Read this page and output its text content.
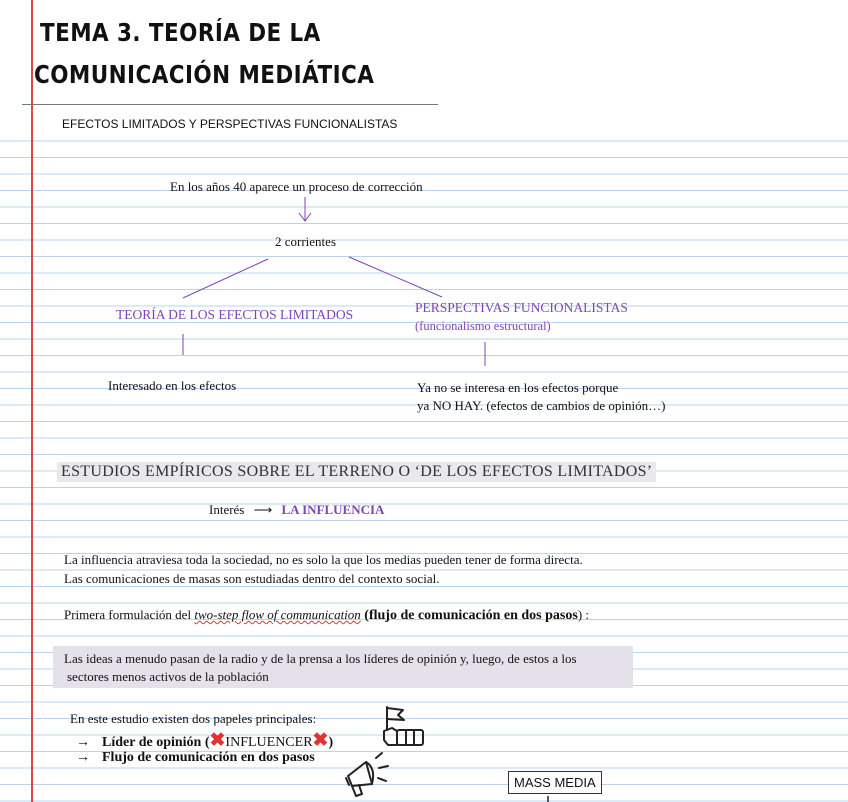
TEMA 3. TEORÍA DE LA
COMUNICACIÓN MEDIÁTICA
EFECTOS LIMITADOS Y PERSPECTIVAS FUNCIONALISTAS
En los años 40 aparece un proceso de corrección
2 corrientes
TEORÍA DE LOS EFECTOS LIMITADOS	PERSPECTIVAS FUNCIONALISTAS
(funcionalismo estructural)
Interesado en los efectos	Ya no se interesa en los efectos porque
ya NO HAY. (efectos de cambios de opinión…)
ESTUDIOS EMPÍRICOS SOBRE EL TERRENO O ‘DE LOS EFECTOS LIMITADOS’
Interés ⟶ LA INFLUENCIA
La influencia atraviesa toda la sociedad, no es solo la que los medias pueden tener de forma directa.
Las comunicaciones de masas son estudiadas dentro del contexto social.
Primera formulación del two-step flow of communication (flujo de comunicación en dos pasos) :
Las ideas a menudo pasan de la radio y de la prensa a los líderes de opinión y, luego, de estos a los
sectores menos activos de la población
En este estudio existen dos papeles principales:
→ Líder de opinión (✖INFLUENCER✖)
→ Flujo de comunicación en dos pasos
MASS MEDIA
